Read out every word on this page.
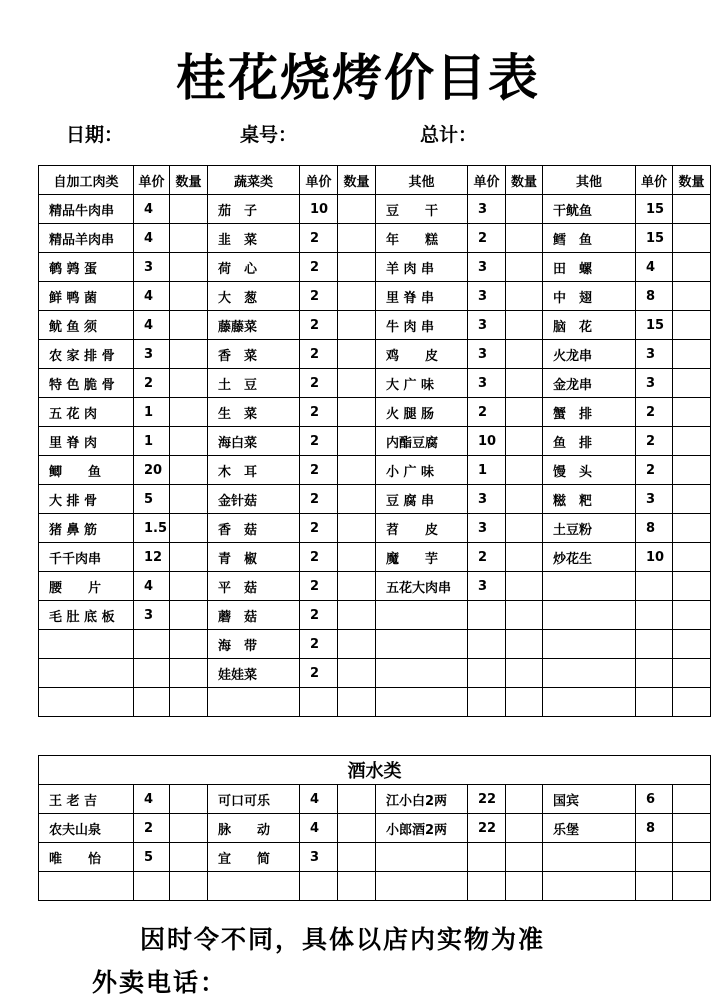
桂花烧烤价目表
日期：	桌号：	总计：
自加工肉类	单价	数量	蔬菜类	单价	数量	其他	单价	数量	其他	单价	数量
精品牛肉串	4		茄　子	10		豆　　干	3		干鱿鱼	15	
精品羊肉串	4		韭　菜	2		年　　糕	2		鳕　鱼	15	
鹌 鹑 蛋	3		荷　心	2		羊 肉 串	3		田　螺	4	
鲜 鸭 菌	4		大　葱	2		里 脊 串	3		中　翅	8	
鱿 鱼 须	4		藤藤菜	2		牛 肉 串	3		脑　花	15	
农 家 排 骨	3		香　菜	2		鸡　　皮	3		火龙串	3	
特 色 脆 骨	2		土　豆	2		大 广 味	3		金龙串	3	
五 花 肉	1		生　菜	2		火 腿 肠	2		蟹　排	2	
里 脊 肉	1		海白菜	2		内酯豆腐	10		鱼　排	2	
鲫　　鱼	20		木　耳	2		小 广 味	1		馒　头	2	
大 排 骨	5		金针菇	2		豆 腐 串	3		糍　粑	3	
猪 鼻 筋	1.5		香　菇	2		苕　　皮	3		土豆粉	8	
千千肉串	12		青　椒	2		魔　　芋	2		炒花生	10	
腰　　片	4		平　菇	2		五花大肉串	3				
毛 肚 底 板	3		蘑　菇	2							
			海　带	2							
			娃娃菜	2							

酒水类											
王 老 吉	4		可口可乐	4		江小白2两	22		国宾	6	
农夫山泉	2		脉　　动	4		小郎酒2两	22		乐堡	8	
唯　　怡	5		宜　　简	3							

因时令不同，具体以店内实物为准
外卖电话：
